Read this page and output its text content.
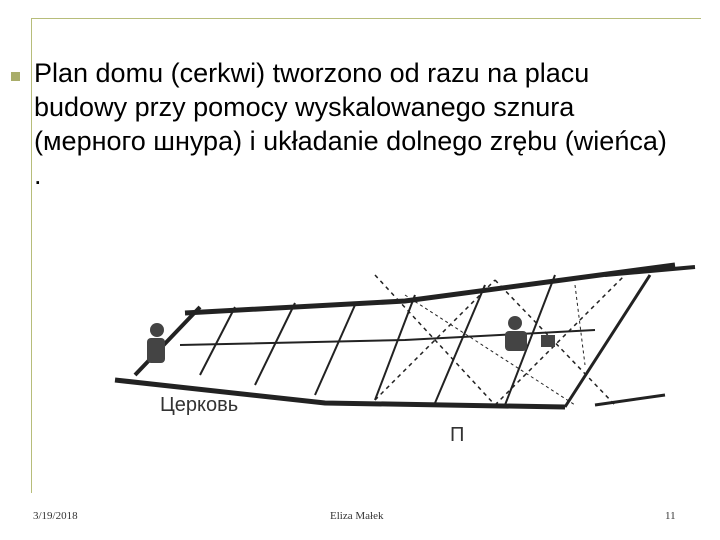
Plan domu (cerkwi) tworzono od razu na placu budowy przy pomocy wyskalowanego sznura (мерного шнура) i układanie dolnego zrębu (wieńca) .

Церковь
П
3/19/2018	Eliza Małek	11
